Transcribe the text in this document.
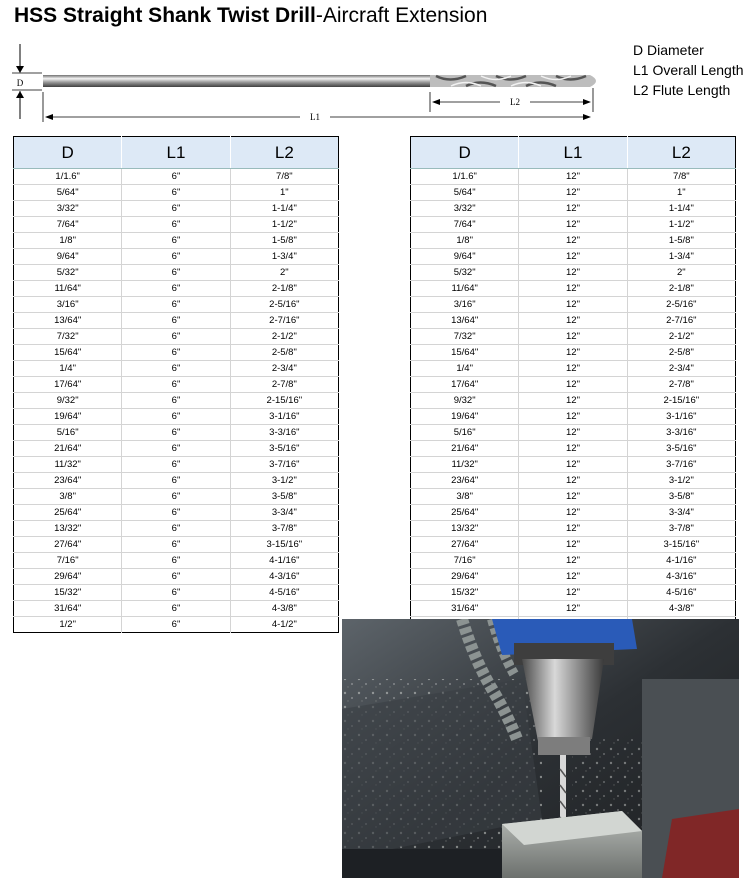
HSS Straight Shank Twist Drill-Aircraft Extension
D Diameter
L1 Overall Length
L2 Flute Length
D
L2
L1
D	L1	L2
1/1.6"	6"	7/8"
5/64"	6"	1"
3/32"	6"	1-1/4"
7/64"	6"	1-1/2"
1/8"	6"	1-5/8"
9/64"	6"	1-3/4"
5/32"	6"	2"
11/64"	6"	2-1/8"
3/16"	6"	2-5/16"
13/64"	6"	2-7/16"
7/32"	6"	2-1/2"
15/64"	6"	2-5/8"
1/4"	6"	2-3/4"
17/64"	6"	2-7/8"
9/32"	6"	2-15/16"
19/64"	6"	3-1/16"
5/16"	6"	3-3/16"
21/64"	6"	3-5/16"
11/32"	6"	3-7/16"
23/64"	6"	3-1/2"
3/8"	6"	3-5/8"
25/64"	6"	3-3/4"
13/32"	6"	3-7/8"
27/64"	6"	3-15/16"
7/16"	6"	4-1/16"
29/64"	6"	4-3/16"
15/32"	6"	4-5/16"
31/64"	6"	4-3/8"
1/2"	6"	4-1/2"
D	L1	L2
1/1.6"	12"	7/8"
5/64"	12"	1"
3/32"	12"	1-1/4"
7/64"	12"	1-1/2"
1/8"	12"	1-5/8"
9/64"	12"	1-3/4"
5/32"	12"	2"
11/64"	12"	2-1/8"
3/16"	12"	2-5/16"
13/64"	12"	2-7/16"
7/32"	12"	2-1/2"
15/64"	12"	2-5/8"
1/4"	12"	2-3/4"
17/64"	12"	2-7/8"
9/32"	12"	2-15/16"
19/64"	12"	3-1/16"
5/16"	12"	3-3/16"
21/64"	12"	3-5/16"
11/32"	12"	3-7/16"
23/64"	12"	3-1/2"
3/8"	12"	3-5/8"
25/64"	12"	3-3/4"
13/32"	12"	3-7/8"
27/64"	12"	3-15/16"
7/16"	12"	4-1/16"
29/64"	12"	4-3/16"
15/32"	12"	4-5/16"
31/64"	12"	4-3/8"
